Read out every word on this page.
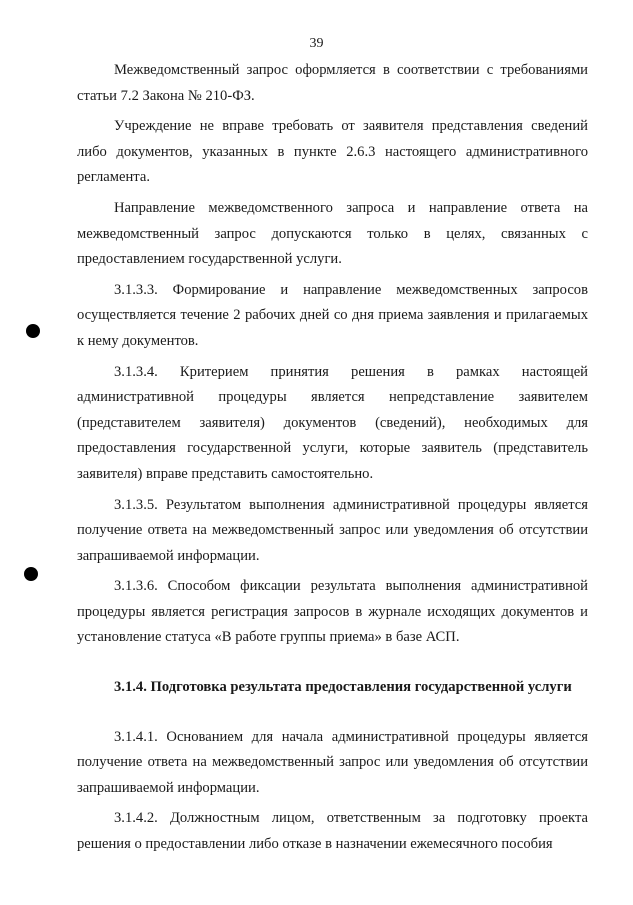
39

Межведомственный запрос оформляется в соответствии с требованиями статьи 7.2 Закона № 210-ФЗ.

Учреждение не вправе требовать от заявителя представления сведений либо документов, указанных в пункте 2.6.3 настоящего административного регламента.

Направление межведомственного запроса и направление ответа на межведомственный запрос допускаются только в целях, связанных с предоставлением государственной услуги.

3.1.3.3. Формирование и направление межведомственных запросов осуществляется течение 2 рабочих дней со дня приема заявления и прилагаемых к нему документов.

3.1.3.4. Критерием принятия решения в рамках настоящей административной процедуры является непредставление заявителем (представителем заявителя) документов (сведений), необходимых для предоставления государственной услуги, которые заявитель (представитель заявителя) вправе представить самостоятельно.

3.1.3.5. Результатом выполнения административной процедуры является получение ответа на межведомственный запрос или уведомления об отсутствии запрашиваемой информации.

3.1.3.6. Способом фиксации результата выполнения административной процедуры является регистрация запросов в журнале исходящих документов и установление статуса «В работе группы приема» в базе АСП.

3.1.4. Подготовка результата предоставления государственной услуги

3.1.4.1. Основанием для начала административной процедуры является получение ответа на межведомственный запрос или уведомления об отсутствии запрашиваемой информации.

3.1.4.2. Должностным лицом, ответственным за подготовку проекта решения о предоставлении либо отказе в назначении ежемесячного пособия
